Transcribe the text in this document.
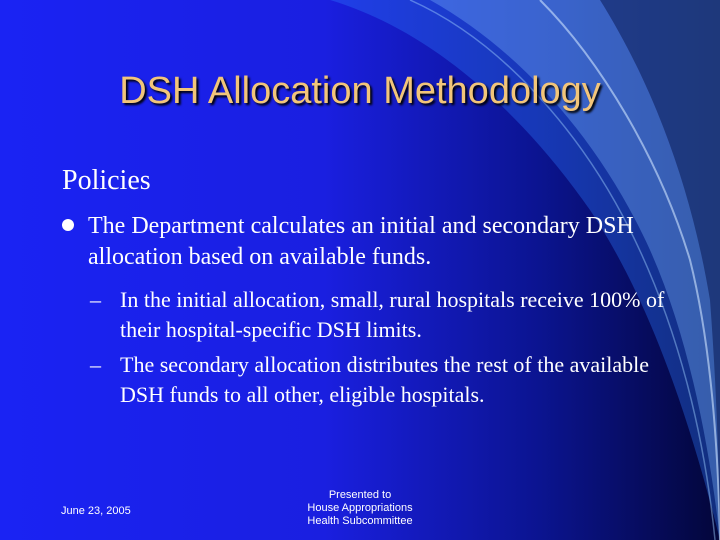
DSH Allocation Methodology
Policies
The Department calculates an initial and secondary DSH allocation based on available funds.
– In the initial allocation, small, rural hospitals receive 100% of their hospital-specific DSH limits.
– The secondary allocation distributes the rest of the available DSH funds to all other, eligible hospitals.
June 23, 2005
Presented to
House Appropriations
Health Subcommittee
